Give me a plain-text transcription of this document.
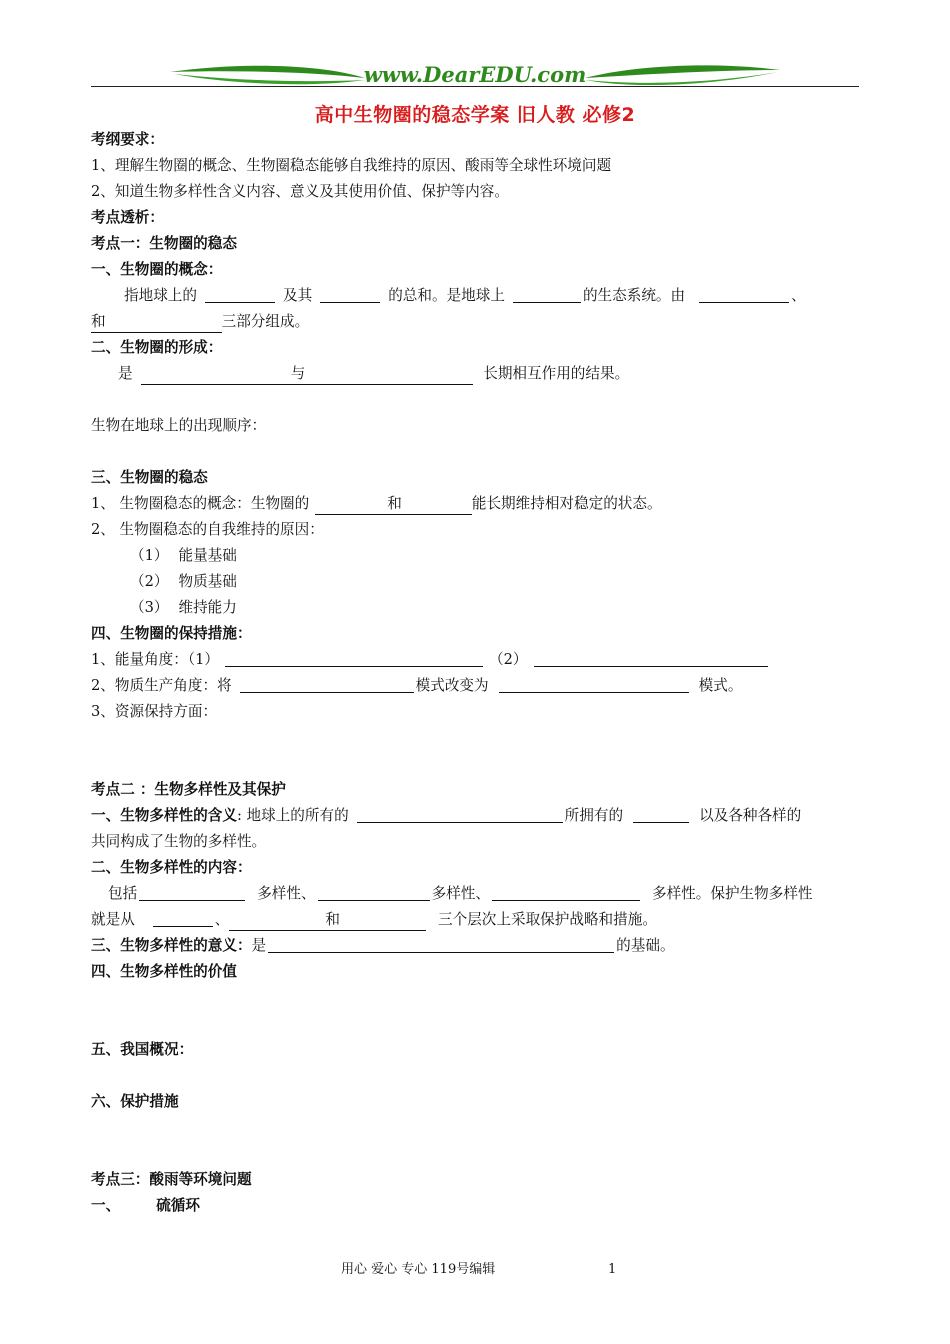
www.DearEDU.com
高中生物圈的稳态学案 旧人教 必修2
考纲要求：
1、理解生物圈的概念、生物圈稳态能够自我维持的原因、酸雨等全球性环境问题
2、知道生物多样性含义内容、意义及其使用价值、保护等内容。
考点透析：
考点一：生物圈的稳态
一、生物圈的概念：
指地球上的	及其	的总和。是地球上	的生态系统。由	、
和	三部分组成。
二、生物圈的形成：
是	与	长期相互作用的结果。
生物在地球上的出现顺序：
三、生物圈的稳态
1、 生物圈稳态的概念：生物圈的	和	能长期维持相对稳定的状态。
2、 生物圈稳态的自我维持的原因：
（1） 能量基础
（2） 物质基础
（3） 维持能力
四、生物圈的保持措施：
1、能量角度：（1）	（2）
2、物质生产角度：将	模式改变为	模式。
3、资源保持方面：
考点二 ：生物多样性及其保护
一、生物多样性的含义: 地球上的所有的	所拥有的	以及各种各样的
共同构成了生物的多样性。
二、生物多样性的内容：
包括	多样性、	多样性、	多样性。保护生物多样性
就是从	、	和	三个层次上采取保护战略和措施。
三、生物多样性的意义：是	的基础。
四、生物多样性的价值
五、我国概况：
六、保护措施
考点三：酸雨等环境问题
一、 硫循环
用心 爱心 专心 119号编辑	1
